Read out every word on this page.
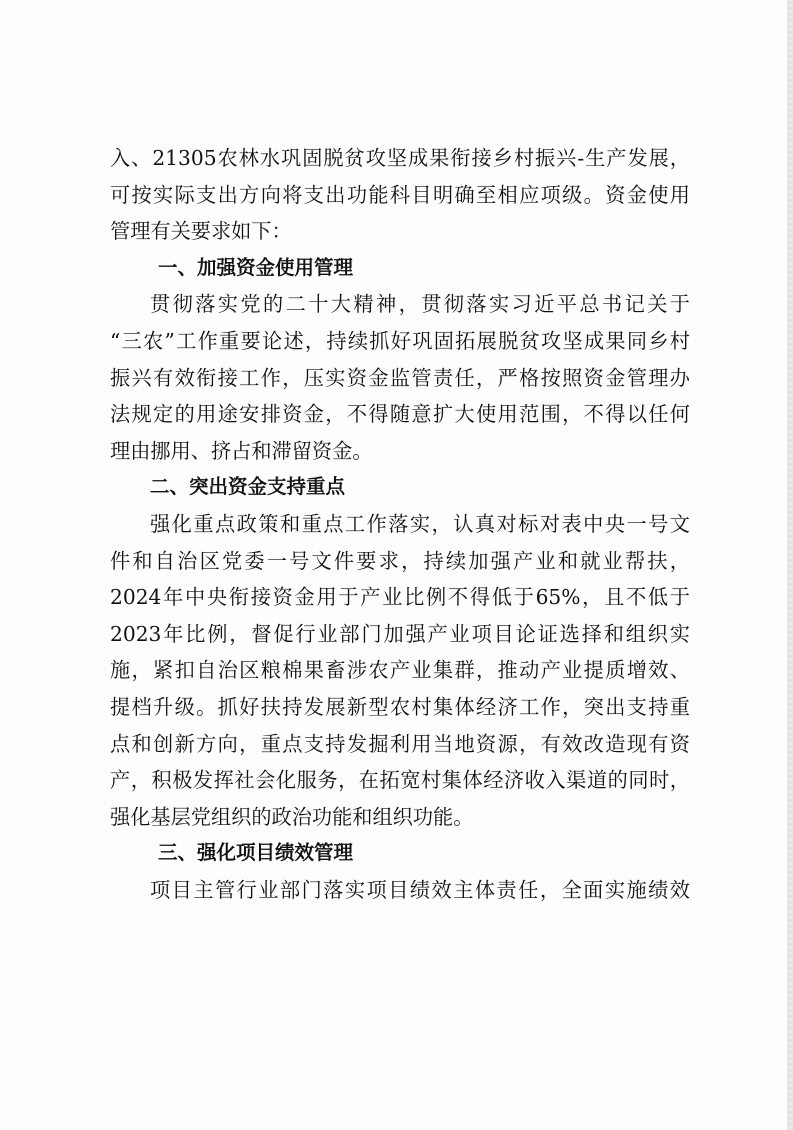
入、21305农林水巩固脱贫攻坚成果衔接乡村振兴-生产发展，
可按实际支出方向将支出功能科目明确至相应项级。资金使用
管理有关要求如下：
一、加强资金使用管理
贯彻落实党的二十大精神，贯彻落实习近平总书记关于
“三农”工作重要论述，持续抓好巩固拓展脱贫攻坚成果同乡村
振兴有效衔接工作，压实资金监管责任，严格按照资金管理办
法规定的用途安排资金，不得随意扩大使用范围，不得以任何
理由挪用、挤占和滞留资金。
二、突出资金支持重点
强化重点政策和重点工作落实，认真对标对表中央一号文
件和自治区党委一号文件要求，持续加强产业和就业帮扶，
2024年中央衔接资金用于产业比例不得低于65%，且不低于
2023年比例，督促行业部门加强产业项目论证选择和组织实
施，紧扣自治区粮棉果畜涉农产业集群，推动产业提质增效、
提档升级。抓好扶持发展新型农村集体经济工作，突出支持重
点和创新方向，重点支持发掘利用当地资源，有效改造现有资
产，积极发挥社会化服务，在拓宽村集体经济收入渠道的同时，
强化基层党组织的政治功能和组织功能。
三、强化项目绩效管理
项目主管行业部门落实项目绩效主体责任，全面实施绩效
